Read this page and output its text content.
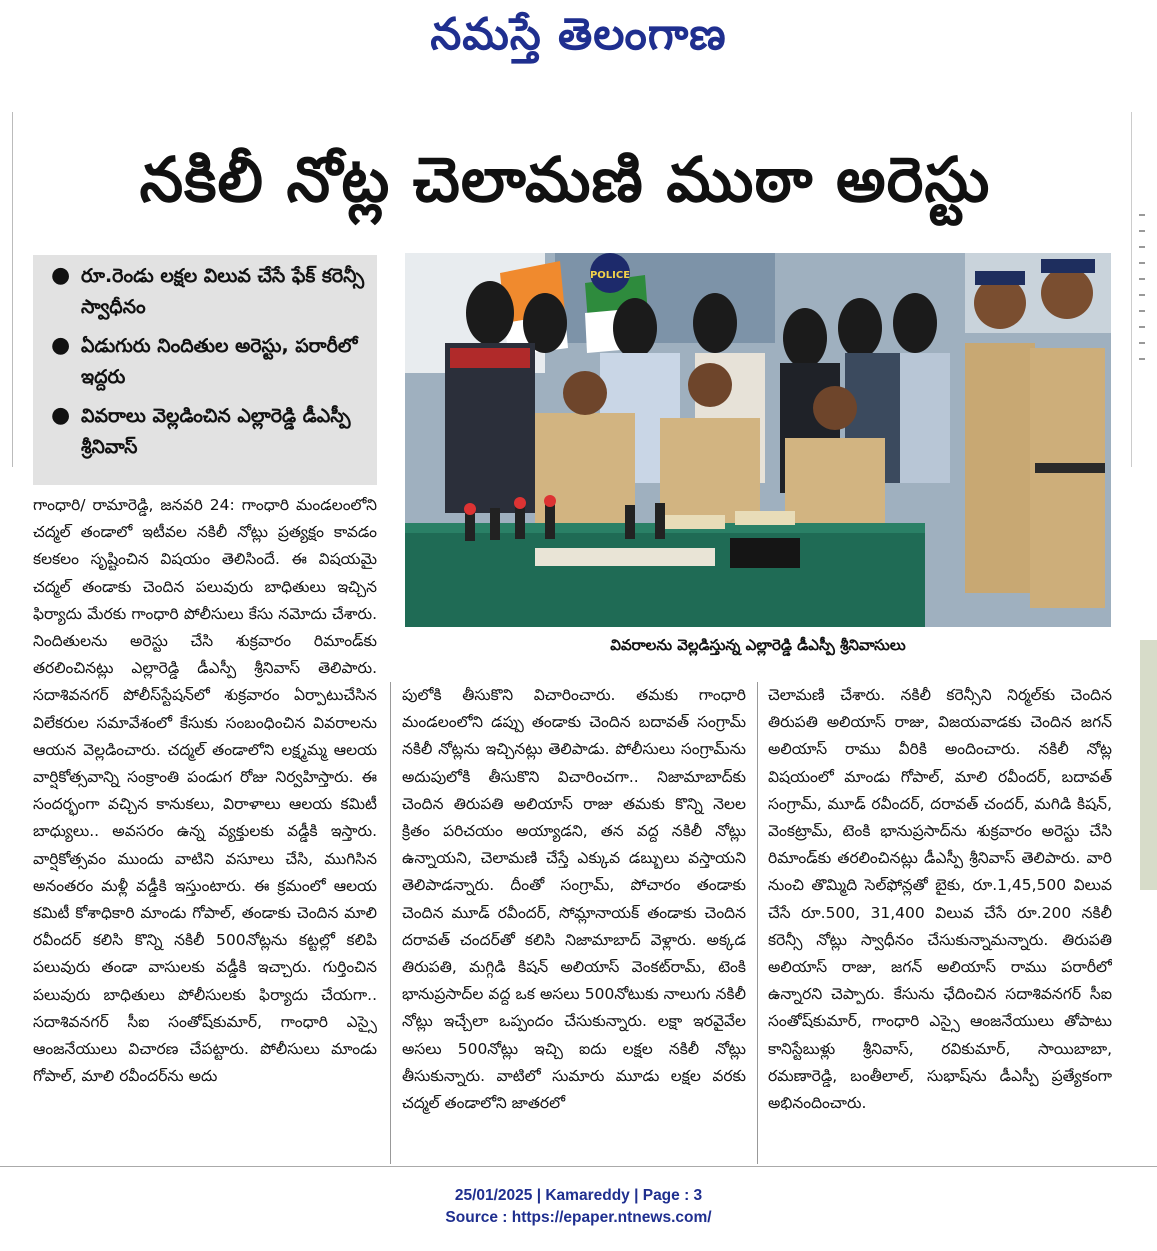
నమస్తే తెలంగాణ
నకిలీ నోట్ల చెలామణి ముఠా అరెస్టు
● రూ.రెండు లక్షల విలువ చేసే ఫేక్ కరెన్సీ స్వాధీనం
● ఏడుగురు నిందితుల అరెస్టు, పరారీలో ఇద్దరు
● వివరాలు వెల్లడించిన ఎల్లారెడ్డి డీఎస్పీ శ్రీనివాస్
POLICE
వివరాలను వెల్లడిస్తున్న ఎల్లారెడ్డి డీఎస్పీ శ్రీనివాసులు
గాంధారి/ రామారెడ్డి, జనవరి 24: గాంధారి మండలంలోని చద్మల్ తండాలో ఇటీవల నకిలీ నోట్లు ప్రత్యక్షం కావడం కలకలం సృష్టించిన విషయం తెలిసిందే. ఈ విషయమై చద్మల్ తండాకు చెందిన పలువురు బాధితులు ఇచ్చిన ఫిర్యాదు మేరకు గాంధారి పోలీసులు కేసు నమోదు చేశారు. నిందితులను అరెస్టు చేసి శుక్రవారం రిమాండ్‌కు తరలించినట్లు ఎల్లారెడ్డి డీఎస్పీ శ్రీనివాస్ తెలిపారు. సదాశివనగర్ పోలీస్‌స్టేషన్‌లో శుక్రవారం ఏర్పాటుచేసిన విలేకరుల సమావేశంలో కేసుకు సంబంధించిన వివరాలను ఆయన వెల్లడించారు. చద్మల్ తండాలోని లక్ష్మమ్మ ఆలయ వార్షికోత్సవాన్ని సంక్రాంతి పండుగ రోజు నిర్వహిస్తారు. ఈ సందర్భంగా వచ్చిన కానుకలు, విరాళాలు ఆలయ కమిటీ బాధ్యులు.. అవసరం ఉన్న వ్యక్తులకు వడ్డీకి ఇస్తారు. వార్షికోత్సవం ముందు వాటిని వసూలు చేసి, ముగిసిన అనంతరం మళ్లీ వడ్డీకి ఇస్తుంటారు. ఈ క్రమంలో ఆలయ కమిటీ కోశాధికారి మాండు గోపాల్, తండాకు చెందిన మాలి రవీందర్ కలిసి కొన్ని నకిలీ 500నోట్లను కట్టల్లో కలిపి పలువురు తండా వాసులకు వడ్డీకి ఇచ్చారు. గుర్తించిన పలువురు బాధితులు పోలీసులకు ఫిర్యాదు చేయగా.. సదాశివనగర్ సీఐ సంతోష్‌కుమార్, గాంధారి ఎస్సై ఆంజనేయులు విచారణ చేపట్టారు. పోలీసులు మాండు గోపాల్, మాలి రవీందర్‌ను అదు
పులోకి తీసుకొని విచారించారు. తమకు గాంధారి మండలంలోని డప్పు తండాకు చెందిన బదావత్ సంగ్రామ్ నకిలీ నోట్లను ఇచ్చినట్లు తెలిపాడు. పోలీసులు సంగ్రామ్‌ను అదుపులోకి తీసుకొని విచారించగా.. నిజామాబాద్‌కు చెందిన తిరుపతి అలియాస్ రాజు తమకు కొన్ని నెలల క్రితం పరిచయం అయ్యాడని, తన వద్ద నకిలీ నోట్లు ఉన్నాయని, చెలామణి చేస్తే ఎక్కువ డబ్బులు వస్తాయని తెలిపాడన్నారు. దీంతో సంగ్రామ్, పోచారం తండాకు చెందిన మూడ్ రవీందర్, సోమ్లానాయక్ తండాకు చెందిన దరావత్ చందర్‌తో కలిసి నిజామాబాద్ వెళ్లారు. అక్కడ తిరుపతి, మగ్గిడి కిషన్ అలియాస్ వెంకట్‌రామ్, టెంకి భానుప్రసాద్‌ల వద్ద ఒక అసలు 500నోటుకు నాలుగు నకిలీ నోట్లు ఇచ్చేలా ఒప్పందం చేసుకున్నారు. లక్షా ఇరవైవేల అసలు 500నోట్లు ఇచ్చి ఐదు లక్షల నకిలీ నోట్లు తీసుకున్నారు. వాటిలో సుమారు మూడు లక్షల వరకు చద్మల్ తండాలోని జాతరలో
చెలామణి చేశారు. నకిలీ కరెన్సీని నిర్మల్‌కు చెందిన తిరుపతి అలియాస్ రాజు, విజయవాడకు చెందిన జగన్ అలియాస్ రాము వీరికి అందించారు. నకిలీ నోట్ల విషయంలో మాండు గోపాల్, మాలి రవీందర్, బదావత్ సంగ్రామ్, మూడ్ రవీందర్, దరావత్ చందర్, మగిడి కిషన్, వెంకట్రామ్, టెంకి భానుప్రసాద్‌ను శుక్రవారం అరెస్టు చేసి రిమాండ్‌కు తరలించినట్లు డీఎస్పీ శ్రీనివాస్ తెలిపారు. వారి నుంచి తొమ్మిది సెల్‌ఫోన్లతో బైకు, రూ.1,45,500 విలువ చేసే రూ.500, 31,400 విలువ చేసే రూ.200 నకిలీ కరెన్సీ నోట్లు స్వాధీనం చేసుకున్నామన్నారు. తిరుపతి అలియాస్ రాజు, జగన్ అలియాస్ రాము పరారీలో ఉన్నారని చెప్పారు. కేసును ఛేదించిన సదాశివనగర్ సీఐ సంతోష్‌కుమార్, గాంధారి ఎస్సై ఆంజనేయులు తోపాటు కానిస్టేబుళ్లు శ్రీనివాస్, రవికుమార్, సాయిబాబా, రమణారెడ్డి, బంతీలాల్, సుభాష్‌ను డీఎస్పీ ప్రత్యేకంగా అభినందించారు.
25/01/2025 | Kamareddy | Page : 3
Source : https://epaper.ntnews.com/
